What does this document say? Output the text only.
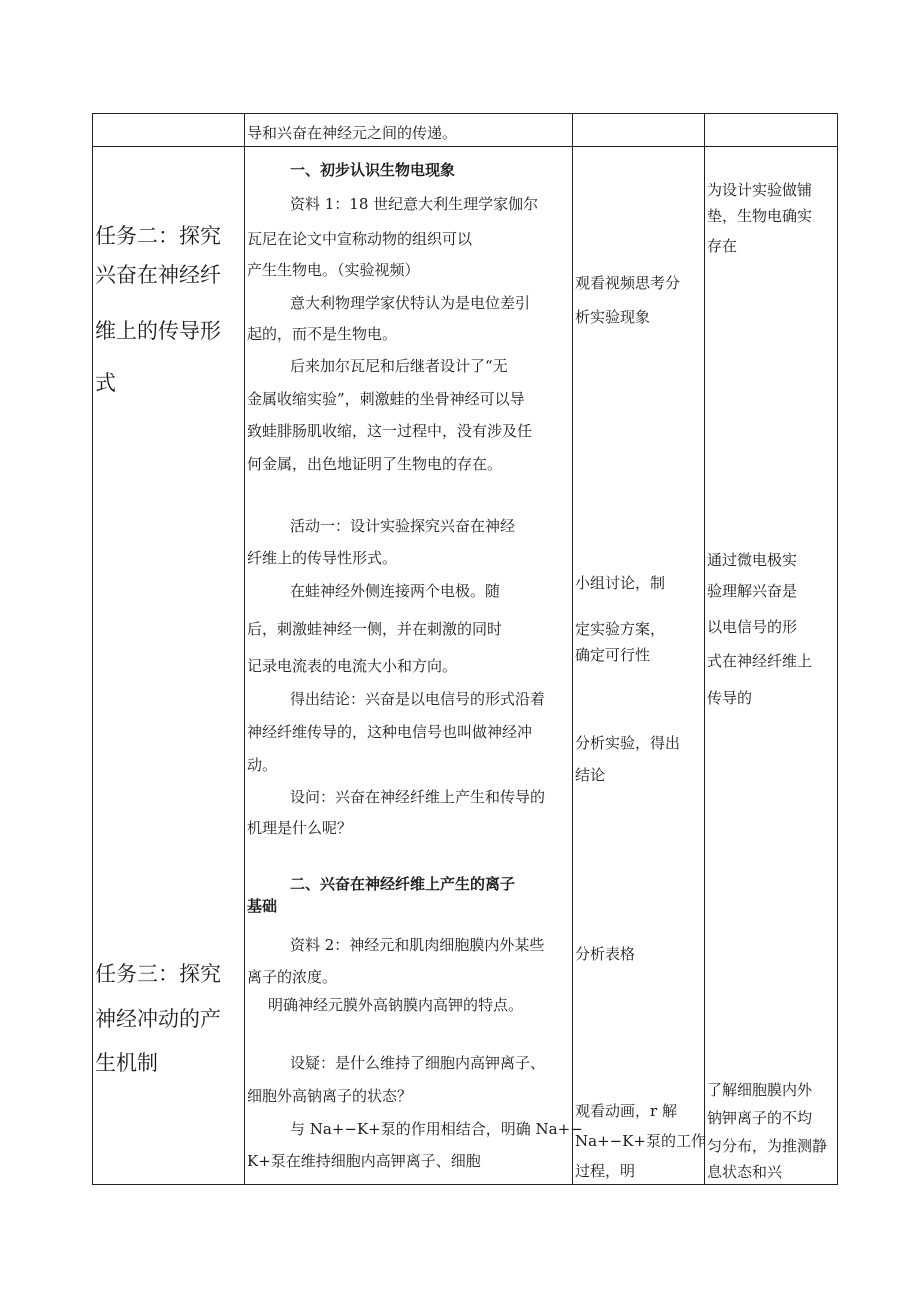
导和兴奋在神经元之间的传递。
任务二：探究
兴奋在神经纤
维上的传导形
式
任务三：探究
神经冲动的产
生机制
一、初步认识生物电现象
资料 1：18 世纪意大利生理学家伽尔
瓦尼在论文中宣称动物的组织可以
产生生物电。（实验视频）
意大利物理学家伏特认为是电位差引
起的，而不是生物电。
后来加尔瓦尼和后继者设计了“无
金属收缩实验”，刺激蛙的坐骨神经可以导
致蛙腓肠肌收缩，这一过程中，没有涉及任
何金属，出色地证明了生物电的存在。
活动一：设计实验探究兴奋在神经
纤维上的传导性形式。
在蛙神经外侧连接两个电极。随
后，刺激蛙神经一侧，并在刺激的同时
记录电流表的电流大小和方向。
得出结论：兴奋是以电信号的形式沿着
神经纤维传导的，这种电信号也叫做神经冲
动。
设问：兴奋在神经纤维上产生和传导的
机理是什么呢？
二、兴奋在神经纤维上产生的离子
基础
资料 2：神经元和肌肉细胞膜内外某些
离子的浓度。
明确神经元膜外高钠膜内高钾的特点。
设疑：是什么维持了细胞内高钾离子、
细胞外高钠离子的状态？
与 Na+−K+泵的作用相结合，明确 Na+−
K+泵在维持细胞内高钾离子、细胞
观看视频思考分
析实验现象
小组讨论，制
定实验方案，
确定可行性
分析实验，得出
结论
分析表格
观看动画，r 解
Na+−K+泵的工作
过程，明
为设计实验做铺
垫，生物电确实
存在
通过微电极实
验理解兴奋是
以电信号的形
式在神经纤维上
传导的
了解细胞膜内外
钠钾离子的不均
匀分布，为推测静
息状态和兴
